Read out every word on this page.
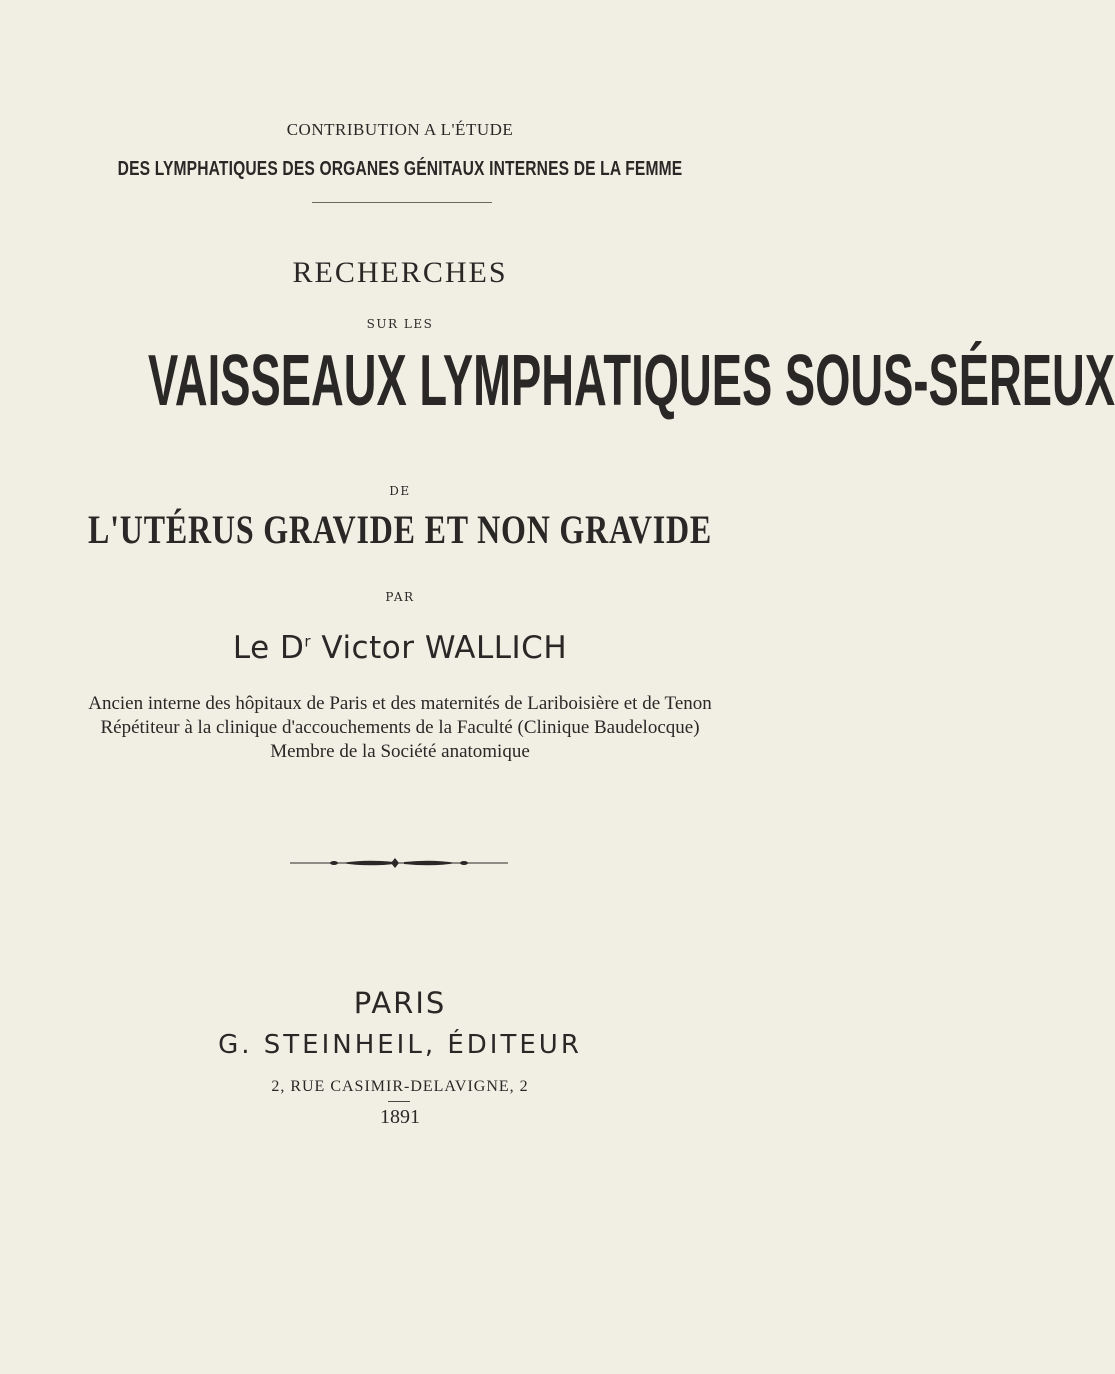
CONTRIBUTION A L'ÉTUDE
DES LYMPHATIQUES DES ORGANES GÉNITAUX INTERNES DE LA FEMME
RECHERCHES
SUR LES
VAISSEAUX LYMPHATIQUES SOUS-SÉREUX
DE
L'UTÉRUS GRAVIDE ET NON GRAVIDE
PAR
Le $D^r$ Victor WALLICH
Ancien interne des hôpitaux de Paris et des maternités de Lariboisière et de Tenon
Répétiteur à la clinique d'accouchements de la Faculté (Clinique Baudelocque)
Membre de la Société anatomique
PARIS
G. STEINHEIL, ÉDITEUR
2, RUE CASIMIR-DELAVIGNE, 2
1891
